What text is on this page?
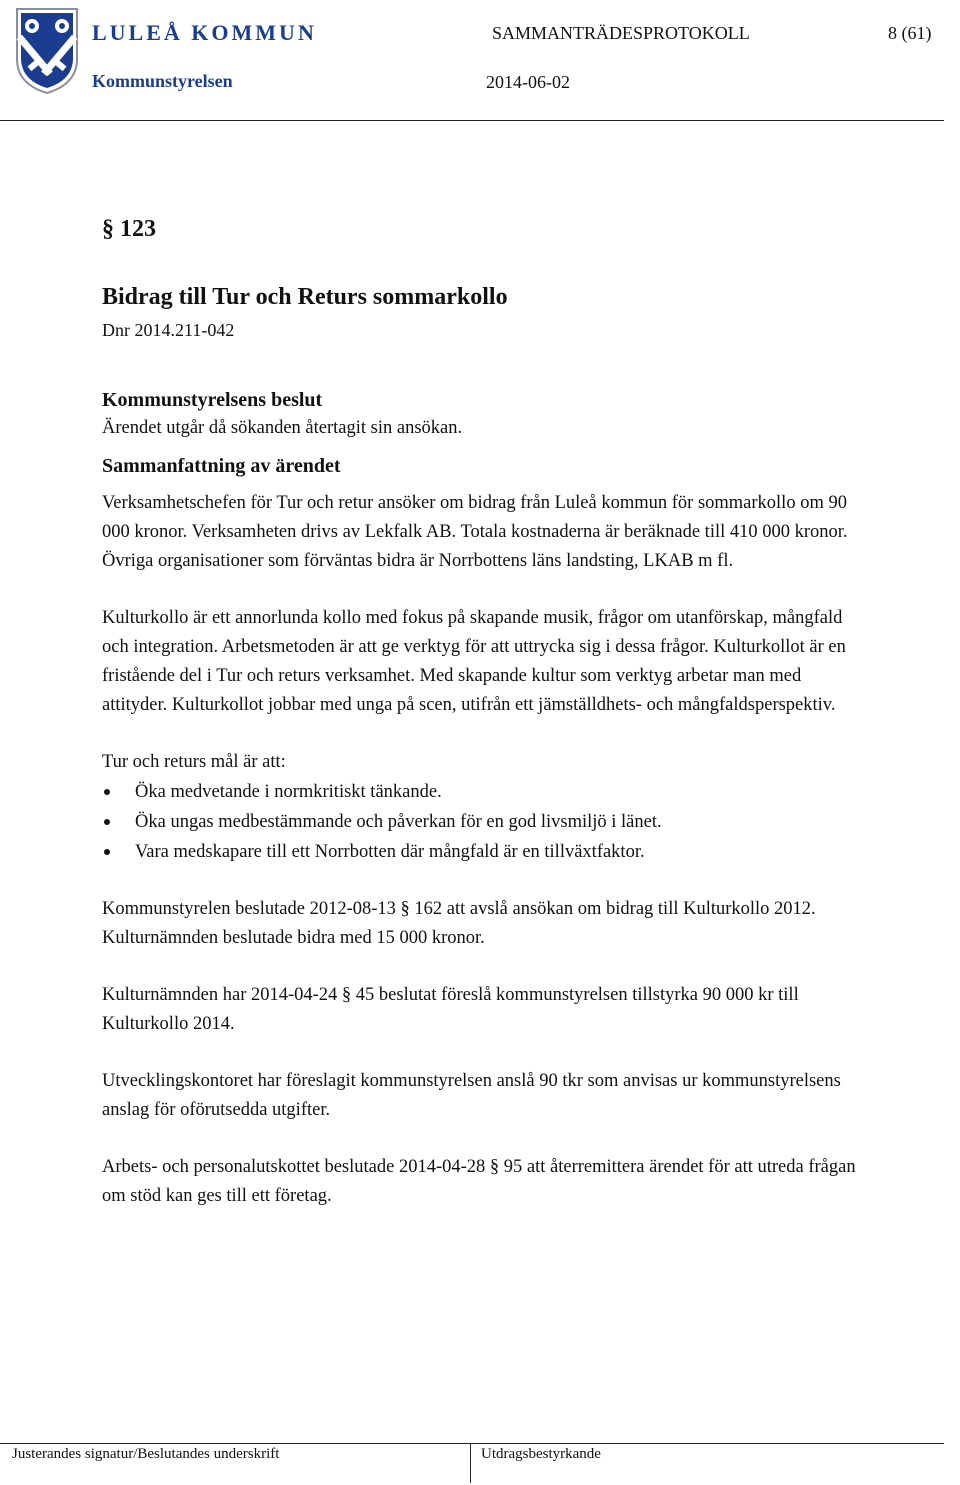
LULEÅ KOMMUN
Kommunstyrelsen
SAMMANTRÄDESPROTOKOLL	8 (61)
2014-06-02

§ 123

Bidrag till Tur och Returs sommarkollo

Dnr 2014.211-042

Kommunstyrelsens beslut

Ärendet utgår då sökanden återtagit sin ansökan.

Sammanfattning av ärendet

Verksamhetschefen för Tur och retur ansöker om bidrag från Luleå kommun för sommarkollo om 90 000 kronor. Verksamheten drivs av Lekfalk AB. Totala kostnaderna är beräknade till 410 000 kronor. Övriga organisationer som förväntas bidra är Norrbottens läns landsting, LKAB m fl.

Kulturkollo är ett annorlunda kollo med fokus på skapande musik, frågor om utanförskap, mångfald och integration. Arbetsmetoden är att ge verktyg för att uttrycka sig i dessa frågor. Kulturkollot är en fristående del i Tur och returs verksamhet. Med skapande kultur som verktyg arbetar man med attityder. Kulturkollot jobbar med unga på scen, utifrån ett jämställdhets- och mångfaldsperspektiv.

Tur och returs mål är att:

Öka medvetande i normkritiskt tänkande.
Öka ungas medbestämmande och påverkan för en god livsmiljö i länet.
Vara medskapare till ett Norrbotten där mångfald är en tillväxtfaktor.

Kommunstyrelen beslutade 2012-08-13 § 162 att avslå ansökan om bidrag till Kulturkollo 2012. Kulturnämnden beslutade bidra med 15 000 kronor.

Kulturnämnden har 2014-04-24 § 45 beslutat föreslå kommunstyrelsen tillstyrka 90 000 kr till Kulturkollo 2014.

Utvecklingskontoret har föreslagit kommunstyrelsen anslå 90 tkr som anvisas ur kommunstyrelsens anslag för oförutsedda utgifter.

Arbets- och personalutskottet beslutade 2014-04-28 § 95 att återremittera ärendet för att utreda frågan om stöd kan ges till ett företag.

Justerandes signatur/Beslutandes underskrift	Utdragsbestyrkande
